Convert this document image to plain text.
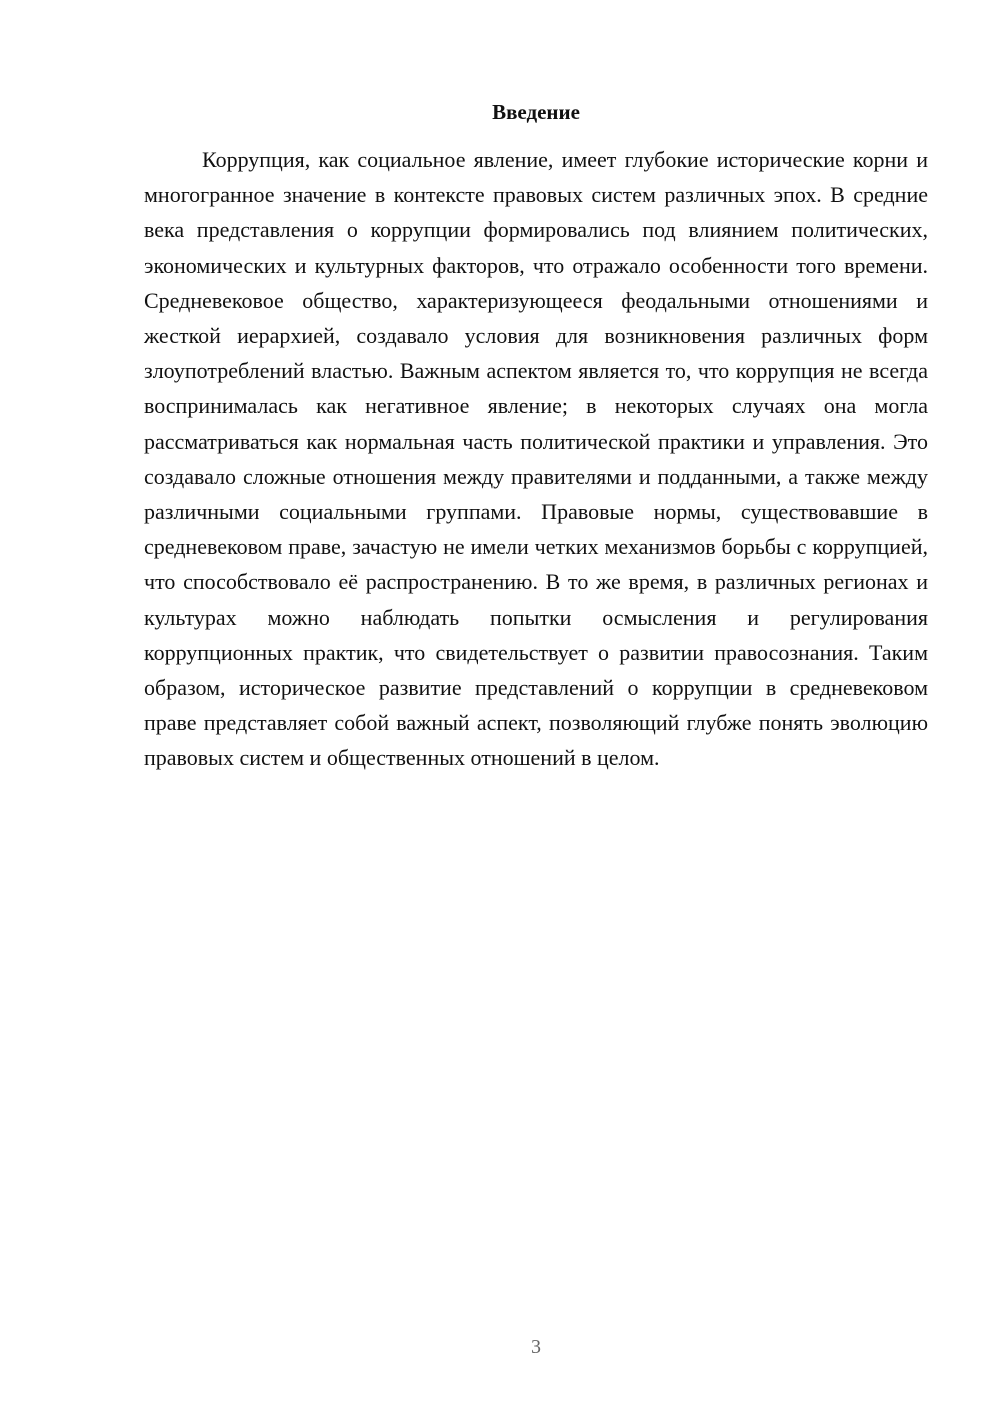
Введение

Коррупция, как социальное явление, имеет глубокие исторические корни и многогранное значение в контексте правовых систем различных эпох. В средние века представления о коррупции формировались под влиянием политических, экономических и культурных факторов, что отражало особенности того времени. Средневековое общество, характеризующееся феодальными отношениями и жесткой иерархией, создавало условия для возникновения различных форм злоупотреблений властью. Важным аспектом является то, что коррупция не всегда воспринималась как негативное явление; в некоторых случаях она могла рассматриваться как нормальная часть политической практики и управления. Это создавало сложные отношения между правителями и подданными, а также между различными социальными группами. Правовые нормы, существовавшие в средневековом праве, зачастую не имели четких механизмов борьбы с коррупцией, что способствовало её распространению. В то же время, в различных регионах и культурах можно наблюдать попытки осмысления и регулирования коррупционных практик, что свидетельствует о развитии правосознания. Таким образом, историческое развитие представлений о коррупции в средневековом праве представляет собой важный аспект, позволяющий глубже понять эволюцию правовых систем и общественных отношений в целом.

3
